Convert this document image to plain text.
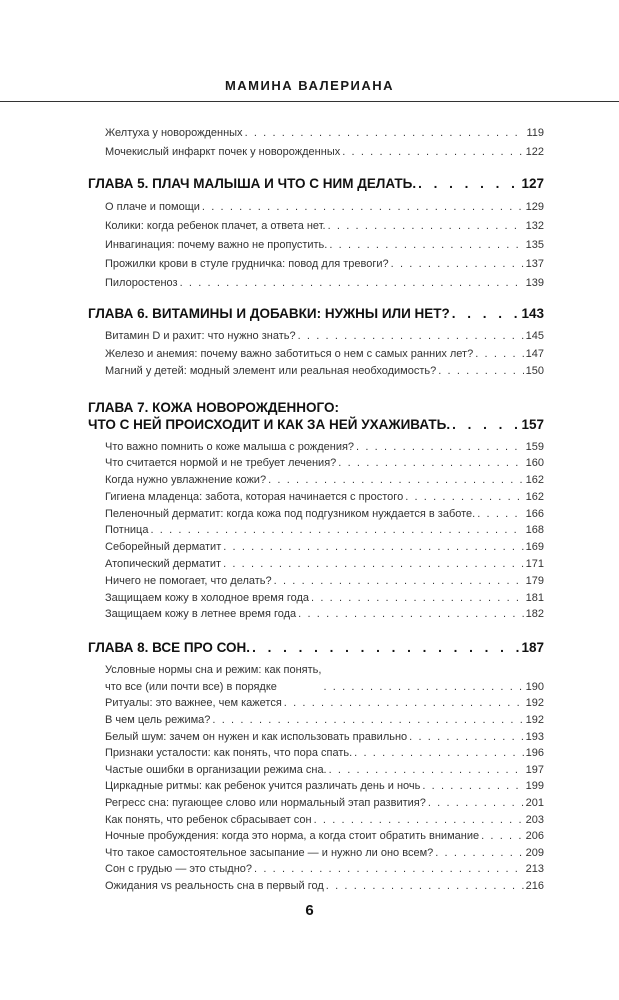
МАМИНА ВАЛЕРИАНА
Желтуха у новорожденных . . .	119
Мочекислый инфаркт почек у новорожденных . . .	122
ГЛАВА 5. ПЛАЧ МАЛЫША И ЧТО С НИМ ДЕЛАТЬ. . . .	127
О плаче и помощи . . .	129
Колики: когда ребенок плачет, а ответа нет. . . .	132
Инвагинация: почему важно не пропустить. . . .	135
Прожилки крови в стуле грудничка: повод для тревоги? . . .	137
Пилоростеноз . . .	139
ГЛАВА 6. ВИТАМИНЫ И ДОБАВКИ: НУЖНЫ ИЛИ НЕТ? . . .	143
Витамин D и рахит: что нужно знать? . . .	145
Железо и анемия: почему важно заботиться о нем с самых ранних лет? . . .	147
Магний у детей: модный элемент или реальная необходимость? . . .	150
ГЛАВА 7. КОЖА НОВОРОЖДЕННОГО:
ЧТО С НЕЙ ПРОИСХОДИТ И КАК ЗА НЕЙ УХАЖИВАТЬ. . . .	157
Что важно помнить о коже малыша с рождения? . . .	159
Что считается нормой и не требует лечения? . . .	160
Когда нужно увлажнение кожи? . . .	162
Гигиена младенца: забота, которая начинается с простого . . .	162
Пеленочный дерматит: когда кожа под подгузником нуждается в заботе. . . .	166
Потница . . .	168
Себорейный дерматит . . .	169
Атопический дерматит . . .	171
Ничего не помогает, что делать? . . .	179
Защищаем кожу в холодное время года . . .	181
Защищаем кожу в летнее время года . . .	182
ГЛАВА 8. ВСЕ ПРО СОН. . . .	187
Условные нормы сна и режим: как понять,
что все (или почти все) в порядке . . .	190
Ритуалы: это важнее, чем кажется . . .	192
В чем цель режима? . . .	192
Белый шум: зачем он нужен и как использовать правильно . . .	193
Признаки усталости: как понять, что пора спать. . . .	196
Частые ошибки в организации режима сна. . . .	197
Циркадные ритмы: как ребенок учится различать день и ночь . . .	199
Регресс сна: пугающее слово или нормальный этап развития? . . .	201
Как понять, что ребенок сбрасывает сон . . .	203
Ночные пробуждения: когда это норма, а когда стоит обратить внимание . . .	206
Что такое самостоятельное засыпание — и нужно ли оно всем? . . .	209
Сон с грудью — это стыдно? . . .	213
Ожидания vs реальность сна в первый год . . .	216
6
